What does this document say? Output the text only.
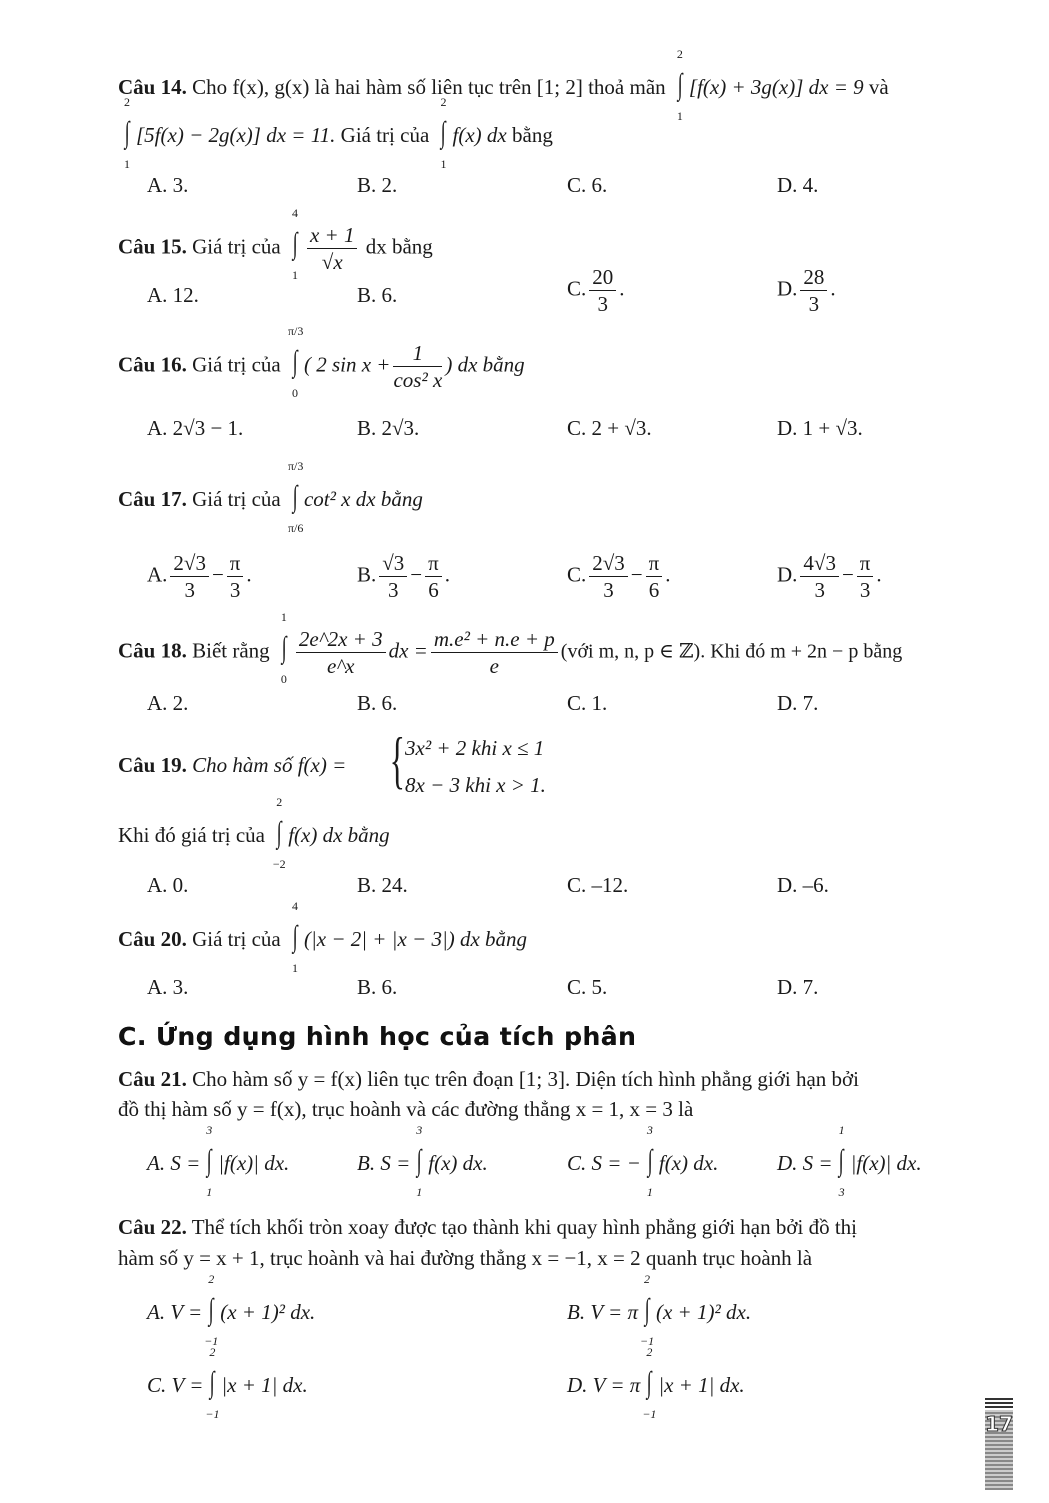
Câu 14. Cho f(x), g(x) là hai hàm số liên tục trên [1; 2] thoả mãn ∫
2
1
[f(x) + 3g(x)] dx = 9 và
∫
2
1
[5f(x) − 2g(x)] dx = 11. Giá trị của ∫
2
1
f(x) dx bằng
A. 3.	B. 2.	C. 6.	D. 4.
Câu 15. Giá trị của ∫
4
1
$\frac{x + 1}{√x}$ dx bằng
A. 12.	B. 6.	C. $\frac{20}{3}$ .	D. $\frac{28}{3}$ .
Câu 16. Giá trị của ∫
π/3
0
( 2 $\sin x + \frac{1}{\text{cos² x}}$ ) dx bằng
A. 2√3 − 1.	B. 2√3.	C. 2 + √3.	D. 1 + √3.
Câu 17. Giá trị của ∫
π/3
π/6
cot² x dx bằng
A. $\frac{2√3}{3} - \frac{\pi}{3}$ .	B. $\frac{√3}{3} - \frac{\pi}{6}$ .	C. $\frac{2√3}{3} - \frac{\pi}{6}$ .	D. $\frac{4√3}{3} - \frac{\pi}{3}$ .
Câu 18. Biết rằng ∫
1
0
$\frac{2e\^{}2x + 3}{e\^{}x}$ dx = $\frac{\text{m.e² + n.e + p}}{e}$ (với m, n, p ∈ ℤ). Khi đó m + 2n − p bằng
A. 2.	B. 6.	C. 1.	D. 7.
Câu 19. Cho hàm số f(x) = { 3x² + 2 khi x ≤ 1
8x − 3 khi x > 1.
Khi đó giá trị của ∫
2
−2
f(x) dx bằng
A. 0.	B. 24.	C. –12.	D. –6.
Câu 20. Giá trị của ∫
4
1
(|x − 2| + |x − 3|) dx bằng
A. 3.	B. 6.	C. 5.	D. 7.
C. Ứng dụng hình học của tích phân
Câu 21. Cho hàm số y = f(x) liên tục trên đoạn [1; 3]. Diện tích hình phẳng giới hạn bởi
đồ thị hàm số y = f(x), trục hoành và các đường thẳng x = 1, x = 3 là
A. S = ∫
3
1
|f(x)| dx.	B. S = ∫
3
1
f(x) dx.	C. S = − ∫
3
1
f(x) dx.	D. S = ∫
1
3
|f(x)| dx.
Câu 22. Thể tích khối tròn xoay được tạo thành khi quay hình phẳng giới hạn bởi đồ thị
hàm số y = x + 1, trục hoành và hai đường thẳng x = −1, x = 2 quanh trục hoành là
A. V = ∫
2
−1
(x + 1)² dx.	B. V = π ∫
2
−1
(x + 1)² dx.
C. V = ∫
2
−1
|x + 1| dx.	D. V = π ∫
2
−1
|x + 1| dx.
17
